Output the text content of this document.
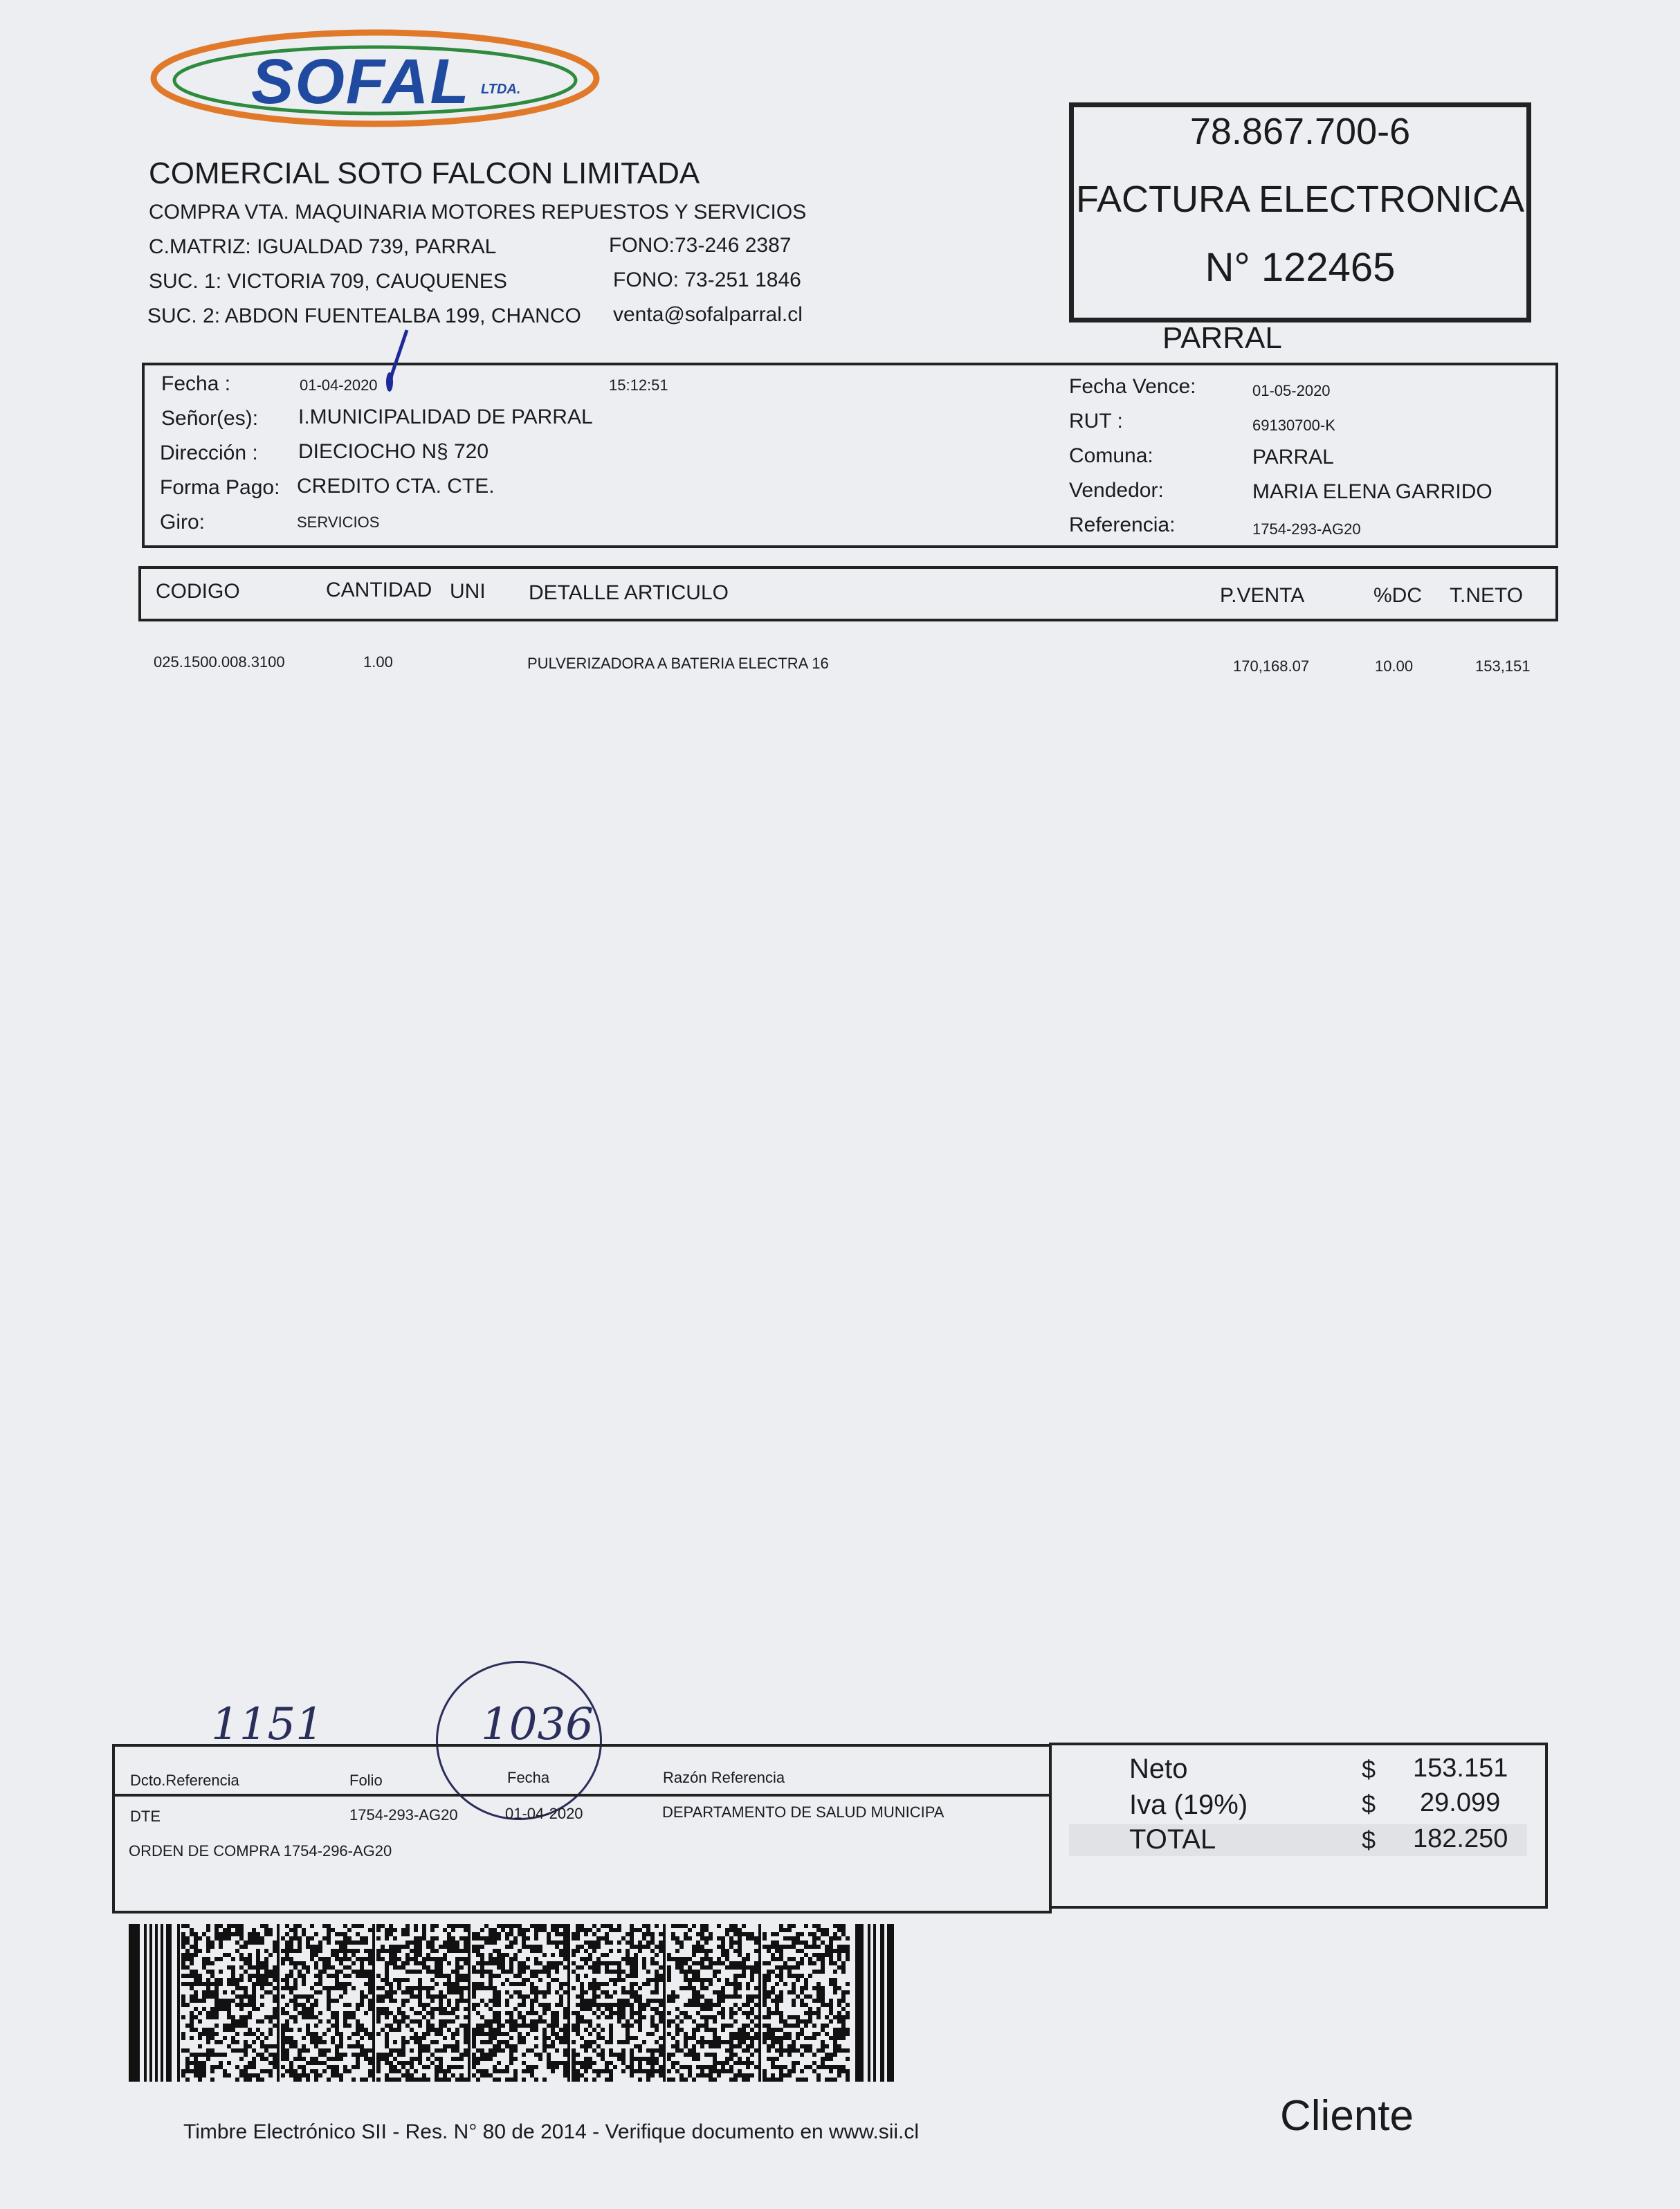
SOFAL LTDA.
COMERCIAL SOTO FALCON LIMITADA
COMPRA VTA. MAQUINARIA MOTORES REPUESTOS Y SERVICIOS
C.MATRIZ: IGUALDAD 739, PARRAL	FONO:73-246 2387
SUC. 1: VICTORIA 709, CAUQUENES	FONO: 73-251 1846
SUC. 2: ABDON FUENTEALBA 199, CHANCO venta@sofalparral.cl
78.867.700-6
FACTURA ELECTRONICA
N° 122465
PARRAL
Fecha :	01-04-2020	15:12:51
Señor(es): I.MUNICIPALIDAD DE PARRAL
Dirección : DIECIOCHO N§ 720
Forma Pago: CREDITO CTA. CTE.
Giro:	SERVICIOS
Fecha Vence:	01-05-2020
RUT :	69130700-K
Comuna:	PARRAL
Vendedor:	MARIA ELENA GARRIDO
Referencia:	1754-293-AG20
CODIGO	CANTIDAD UNI DETALLE ARTICULO	P.VENTA	%DC T.NETO
025.1500.008.3100	1.00	PULVERIZADORA A BATERIA ELECTRA 16	170,168.07	10.00	153,151
1151	1036
Dcto.Referencia	Folio	Fecha	Razón Referencia
DTE	1754-293-AG20	01-04-2020	DEPARTAMENTO DE SALUD MUNICIPA
ORDEN DE COMPRA 1754-296-AG20
Neto	$ 153.151
Iva (19%)	$ 29.099
TOTAL	$ 182.250
Timbre Electrónico SII - Res. N° 80 de 2014 - Verifique documento en www.sii.cl	Cliente
